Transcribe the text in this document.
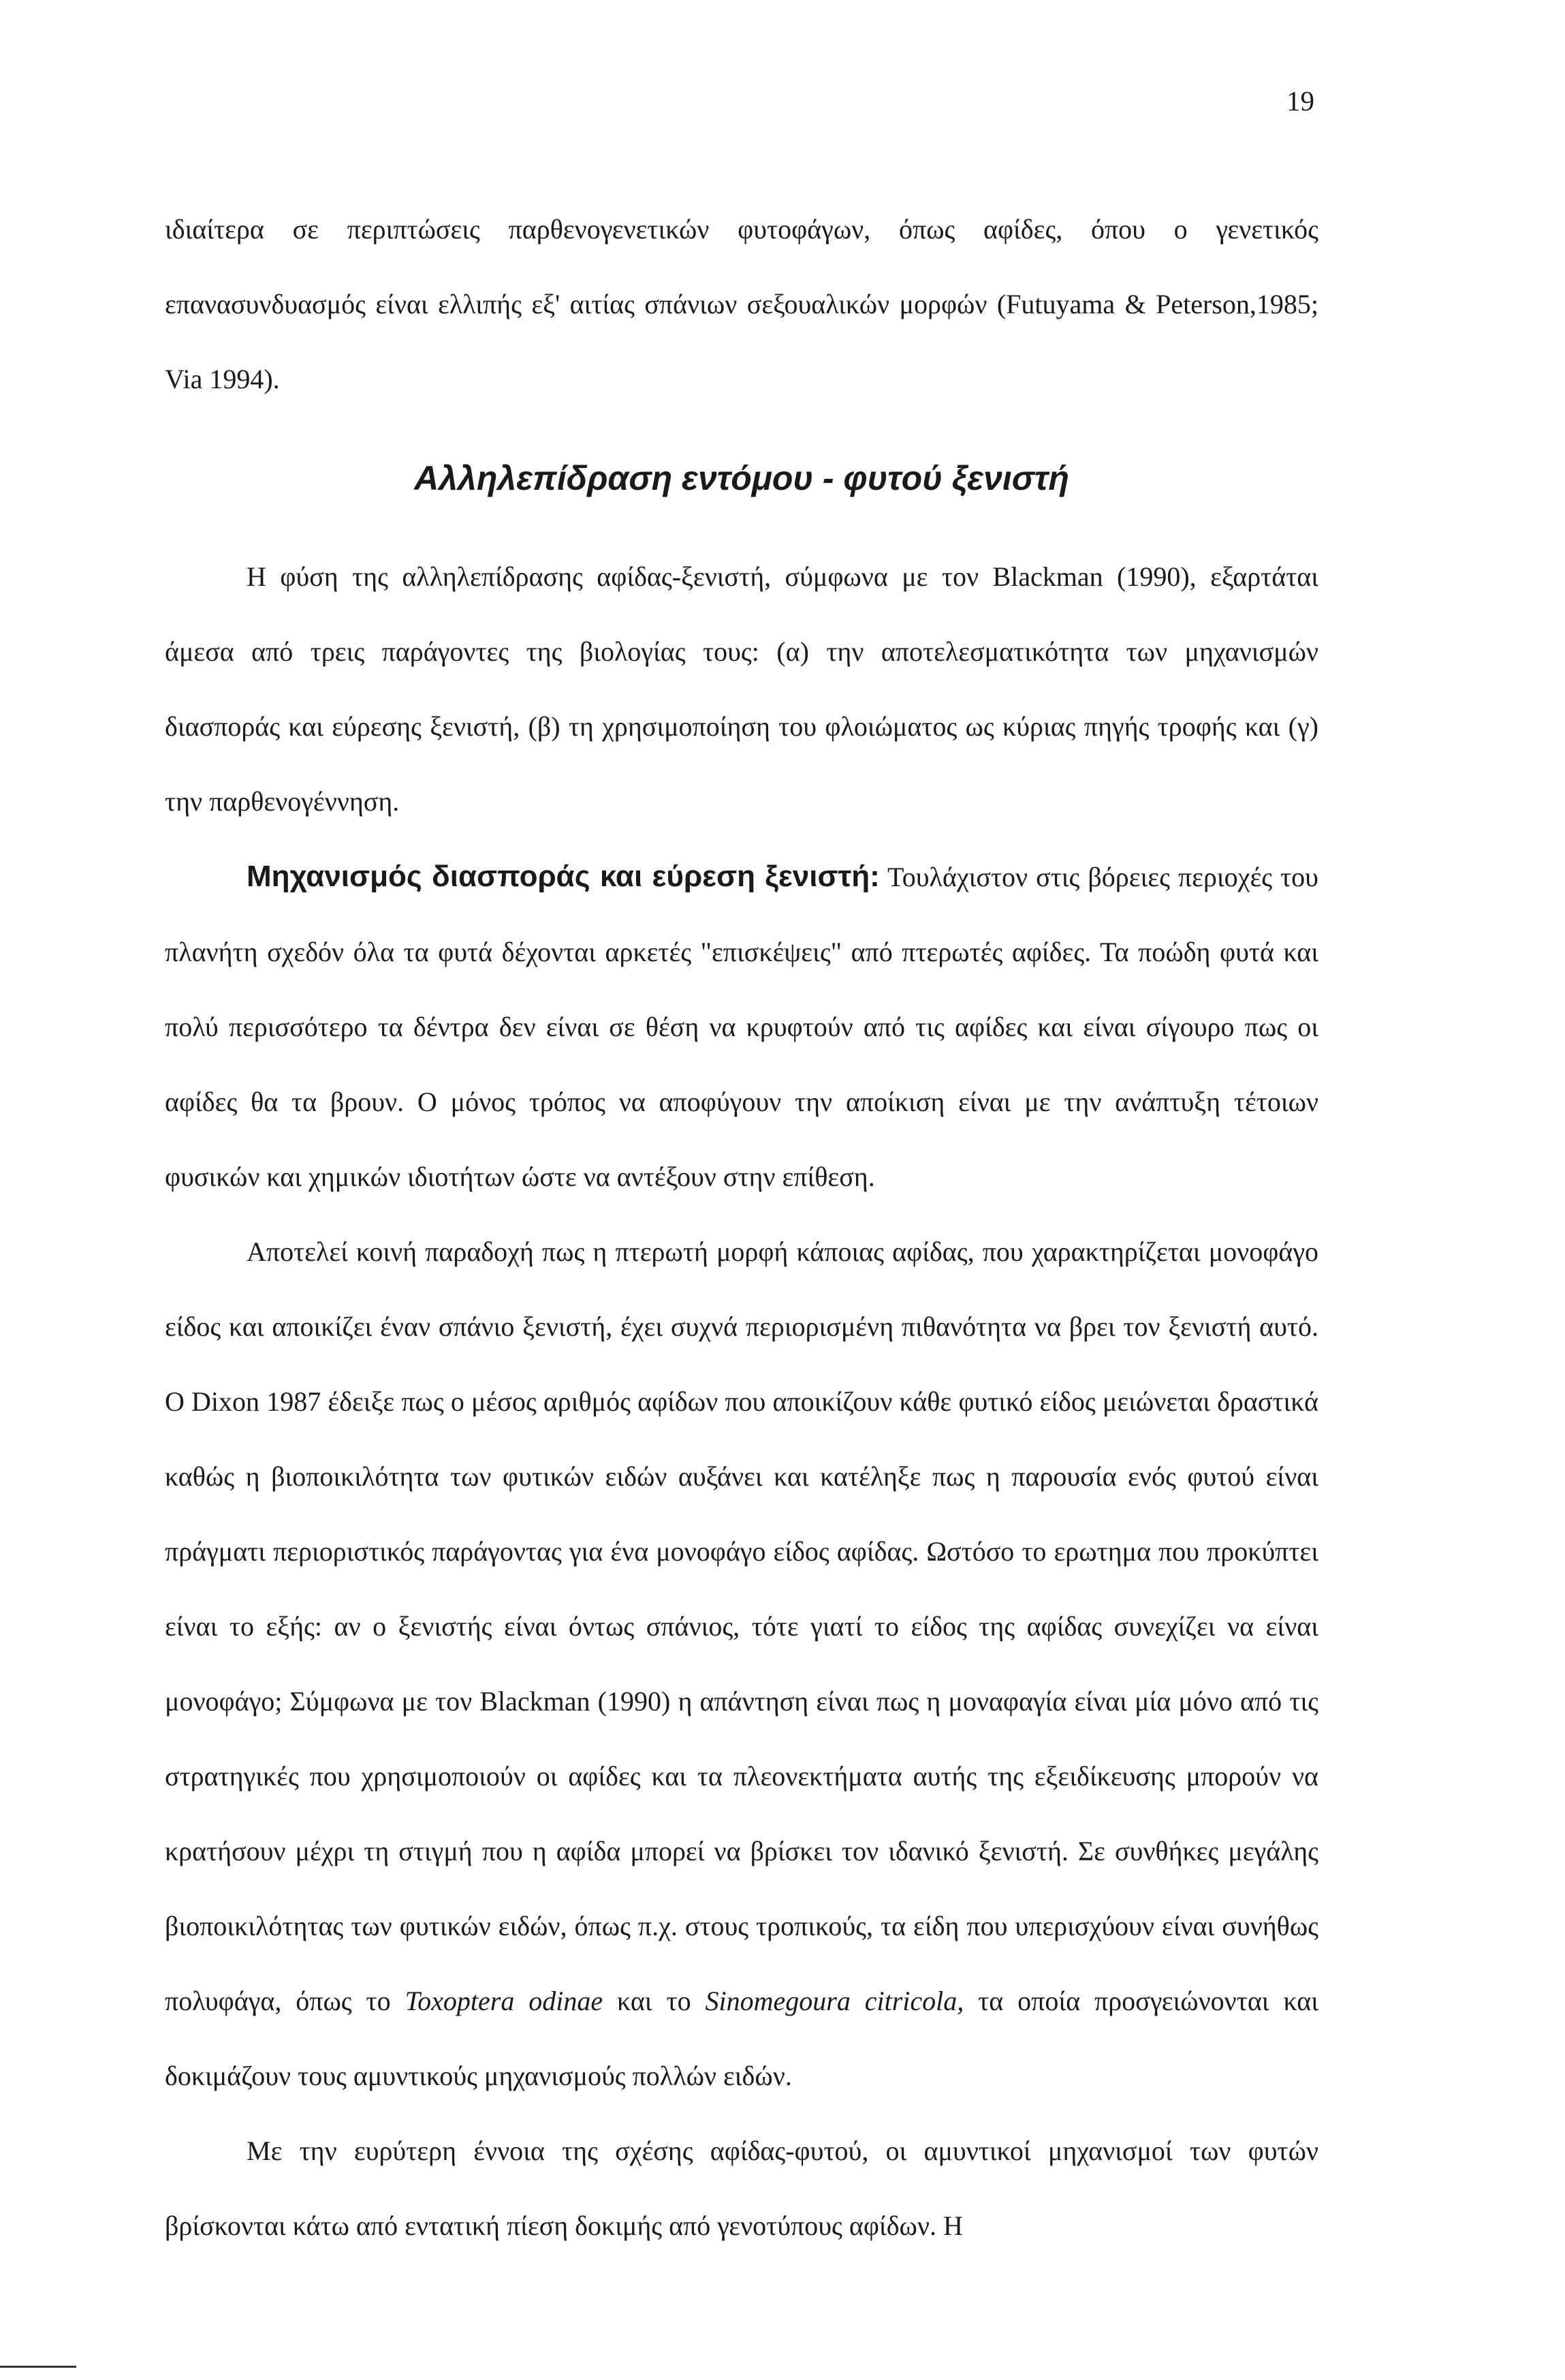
19

ιδιαίτερα σε περιπτώσεις παρθενογενετικών φυτοφάγων, όπως αφίδες, όπου ο γενετικός επανασυνδυασμός είναι ελλιπής εξ' αιτίας σπάνιων σεξουαλικών μορφών (Futuyama & Peterson,1985; Via 1994).

Αλληλεπίδραση εντόμου - φυτού ξενιστή

Η φύση της αλληλεπίδρασης αφίδας-ξενιστή, σύμφωνα με τον Blackman (1990), εξαρτάται άμεσα από τρεις παράγοντες της βιολογίας τους: (α) την αποτελεσματικότητα των μηχανισμών διασποράς και εύρεσης ξενιστή, (β) τη χρησιμοποίηση του φλοιώματος ως κύριας πηγής τροφής και (γ) την παρθενογέννηση.

Μηχανισμός διασποράς και εύρεση ξενιστή: Τουλάχιστον στις βόρειες περιοχές του πλανήτη σχεδόν όλα τα φυτά δέχονται αρκετές "επισκέψεις" από πτερωτές αφίδες. Τα ποώδη φυτά και πολύ περισσότερο τα δέντρα δεν είναι σε θέση να κρυφτούν από τις αφίδες και είναι σίγουρο πως οι αφίδες θα τα βρουν. Ο μόνος τρόπος να αποφύγουν την αποίκιση είναι με την ανάπτυξη τέτοιων φυσικών και χημικών ιδιοτήτων ώστε να αντέξουν στην επίθεση.

Αποτελεί κοινή παραδοχή πως η πτερωτή μορφή κάποιας αφίδας, που χαρακτηρίζεται μονοφάγο είδος και αποικίζει έναν σπάνιο ξενιστή, έχει συχνά περιορισμένη πιθανότητα να βρει τον ξενιστή αυτό. Ο Dixon 1987 έδειξε πως ο μέσος αριθμός αφίδων που αποικίζουν κάθε φυτικό είδος μειώνεται δραστικά καθώς η βιοποικιλότητα των φυτικών ειδών αυξάνει και κατέληξε πως η παρουσία ενός φυτού είναι πράγματι περιοριστικός παράγοντας για ένα μονοφάγο είδος αφίδας. Ωστόσο το ερωτημα που προκύπτει είναι το εξής: αν ο ξενιστής είναι όντως σπάνιος, τότε γιατί το είδος της αφίδας συνεχίζει να είναι μονοφάγο; Σύμφωνα με τον Blackman (1990) η απάντηση είναι πως η μοναφαγία είναι μία μόνο από τις στρατηγικές που χρησιμοποιούν οι αφίδες και τα πλεονεκτήματα αυτής της εξειδίκευσης μπορούν να κρατήσουν μέχρι τη στιγμή που η αφίδα μπορεί να βρίσκει τον ιδανικό ξενιστή. Σε συνθήκες μεγάλης βιοποικιλότητας των φυτικών ειδών, όπως π.χ. στους τροπικούς, τα είδη που υπερισχύουν είναι συνήθως πολυφάγα, όπως το Toxoptera odinae και το Sinomegoura citricola, τα οποία προσγειώνονται και δοκιμάζουν τους αμυντικούς μηχανισμούς πολλών ειδών.

Με την ευρύτερη έννοια της σχέσης αφίδας-φυτού, οι αμυντικοί μηχανισμοί των φυτών βρίσκονται κάτω από εντατική πίεση δοκιμής από γενοτύπους αφίδων. Η
